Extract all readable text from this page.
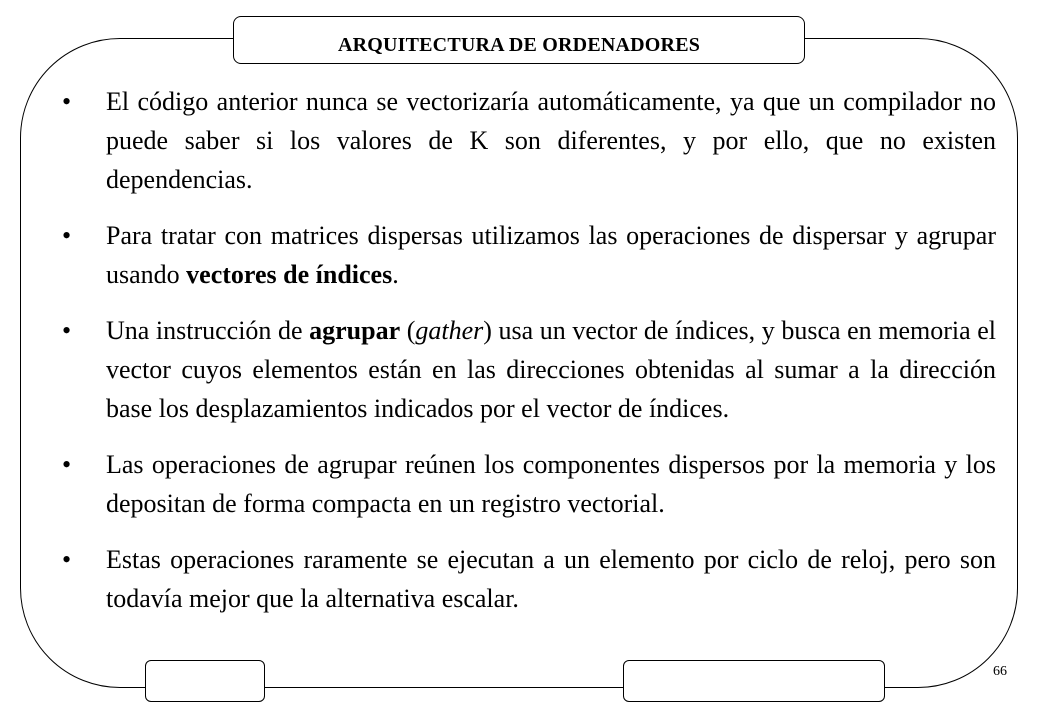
ARQUITECTURA DE ORDENADORES
•	El código anterior nunca se vectorizaría automáticamente, ya que un compilador no puede saber si los valores de K son diferentes, y por ello, que no existen dependencias.
•	Para tratar con matrices dispersas utilizamos las operaciones de dispersar y agrupar usando vectores de índices.
•	Una instrucción de agrupar (gather) usa un vector de índices, y busca en memoria el vector cuyos elementos están en las direcciones obtenidas al sumar a la dirección base los desplazamientos indicados por el vector de índices.
•	Las operaciones de agrupar reúnen los componentes dispersos por la memoria y los depositan de forma compacta en un registro vectorial.
•	Estas operaciones raramente se ejecutan a un elemento por ciclo de reloj, pero son todavía mejor que la alternativa escalar.
66
